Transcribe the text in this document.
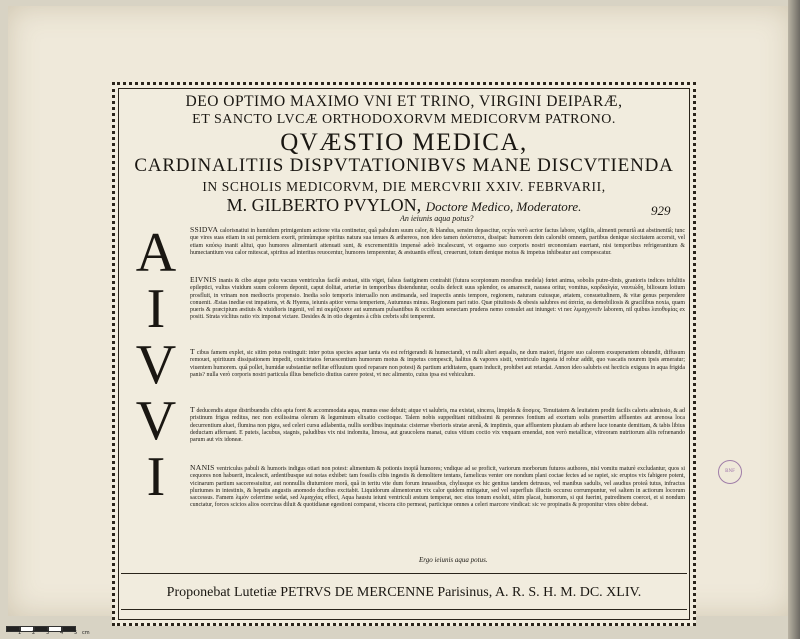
DEO OPTIMO MAXIMO VNI ET TRINO, VIRGINI DEIPARÆ,
ET SANCTO LVCÆ ORTHODOXORVM MEDICORVM PATRONO.
QVÆSTIO MEDICA,
CARDINALITIIS DISPVTATIONIBVS MANE DISCVTIENDA
IN SCHOLIS MEDICORVM, DIE MERCVRII XXIV. FEBRVARII,
M. GILBERTO PVYLON, Doctore Medico, Moderatore.
An ieiunis aqua potus?
929
A
I
V
V
I
SSIDVA calorisnatiui in humidum primigenium actione vita continetur, quâ pabulum suum calor, & blandus, sensim depascitur, ocyùs verò acrior factus labore, vigiliis, alimenti penuriâ aut abstinentiâ; tunc que vires suas etiam in sui perniciem exerit, primùmque spiritus natura sua tenues & æthereos, non ideo tamen ἀσύστατοι, dissipat: humorem dein calorsibi omnem, partibus denique siccitatem accersit, vel etiam καύσῳ inanit alitui, quo humores alimentarii attenuati sunt, & excrementitiis impensè adeò incalescunt, vt orgasmo suo corporis nostri œconomiam euertant, nisi temporibus refrigerantium & humectantium vsu calor mitescat, spiritus ad interitus reuocentur, humores temperentur, & æstuantis effeui, creuerunt, totum denique motus & impetus inhibeatur aut compescatur.
EIVNIS inanis & cibo atque potu vacuus ventriculus facilè æstuat, sitis viget, falsus fastiginem contrahit (futura scorpionum morsibus medela) fœtet anima, sobolis putre-dinis, granioris indices infulitis epileptici, vultus viuidum suum colorem deponit, caput dolitat, arteriæ in temporibus distenduntur, oculis defecit suus splendor, os amarescit, nausea oritur, vomitus, καρδιαλγία, ναυτιώδη, biliosum lotium prosfluit, in vrinam non mediocris propensio. Inedia solo temporis interuallo non æstimanda, sed inspectis annis tempore, regionem, naturam cuiusque, ætatem, consuetudinem, & vitæ genus perpendere conuenit. Æstas inediæ est impatiens, vt & Hyems, ieiunis aptior verna temperiem, Autumnus minus. Regionum pari ratio. Quæ pituitosis & obesis salubres est ἀσιτία, ea demobiliosis & gracilibus noxia, quam pueris & præcipium æstiuis & viuidioris ingenii, vel mi ακμάζουσιν aut summam pulsantibus & occiduum senectam prudens nemo consulet aut iniunget: vt nec λιμαγχονεῖν laborem, nil quibus λιποθυμίας ex positi. Strata viclitus ratio vix imponat victare. Desides & in otio degentes à cibis crebris sibi temperent.
T cibus famem explet, sic sitim potus restinguit: inter potus species aquæ tanta vis est refrigerandi & humectandi, vt nulli alteri æqualis, ne dum maiori, frigore suo calorem exsuperantem obtundit, diffusum remouet, spirituum dissipationem impedit, conicirtatos feruescentium humorum motus & impetus compescit, halitus & vapores sistit, ventriculo ingesta id robur addit, quo vascatis nourem ipsis æmeratur; viuentem humorem. quâ pollet, humidæ substantiæ neflitæ effluuium quod reparare non potest) & partium ariditatem, quam inducit, prohibet aut retardat. Annon ideo salubris est hecticis exiguus in aqua frigida panis? nulla verò corporis nostri particula illius beneficio diutius carere potest, vt nec alimento, cuius ipsa est vehiculum.
T deducendis atque distribuendis cibis apta foret & accommodata aqua, munus esse debuit; atque vt salubris, ma existat, sincera, limpida & ἄοσμος. Tenuitatem & leuitatem prodit facilis caloris admissio, & ad pristinum frigus reditus, nec non exilissima olerum & leguminum elixatio coctioque. Talem nobis suppeditant nitidissimi & perennes fontium ad exortum solis præsertim affluentes aut arenosa loca decurrentium aluei, flumina non pigra, sed celeri cursu adlabentia, nullis sordibus inquinata: cisternæ vberioris stratæ arenâ, & imptimis, quæ affluentem pluuiam ab æthere luce tonante demittam, & tabis libius deductam afferuant. E puteis, lacubus, stagnis, paludibus vix nisi indomita, limosa, aut graucolens manat, cuius vitium coctio vix vnquam emendat, non verò metallicæ, vitreoram nutritorum aliis refrænando parum aut vix idoneæ.
NANIS ventriculus pabuli & humoris indigus otiari non potest: alimentum & potionis inopiâ humores; vndique ad se proficit, variorum morborum futuros authores, nisi vomitu maturè excludantur, quos si cequores non habuerit, incalescit, ardentibusque sui notas exhibet: tam fossilis cibis ingestis & demolitere tentans, famelicus venter ore nondum plani coctae fectes ad se rapiet, sic eruptos vix fabigere potent, vicinarum partium sacceressiuitur, aut nonnullis diuturniore morâ, quâ in teritu vite dum forum innassibus, chylusque ex hic genitus tandem detrusus, vel manibus sadulis, vel asudius proieâ tutus, infractus pluriumes in intestinis, & hepatis angustis anomodo ducibus excitabit. Liquidorum alimentorum vix calor quidem mitigatur, sed vel superfluis illuctis occursu corrumpuntur, vel saltem in actiorum locorum saccessus. Famem λιμὸν celerrime sedat, sed λιμαγχίας effeci, Aqua haustu ieiuni ventriculi æstum temperat, nec eius tonum exoluit, sitim placat, humorum, si qui fuerint, putredinem coercet, et si nondum cunctatur, forces scicios alios ocerciras diluit & quotidianæ egestioni comparat, viscera cito permeat, particique omnes a celeri marcore vindicat: sic ve propinatis & proponitur vires obire debeat.
Ergo ieiunis aqua potus.
Proponebat Lutetiæ PETRVS DE MERCENNE Parisinus, A. R. S. H. M. DC. XLIV.
BNF
1 2 3 4 5 cm
